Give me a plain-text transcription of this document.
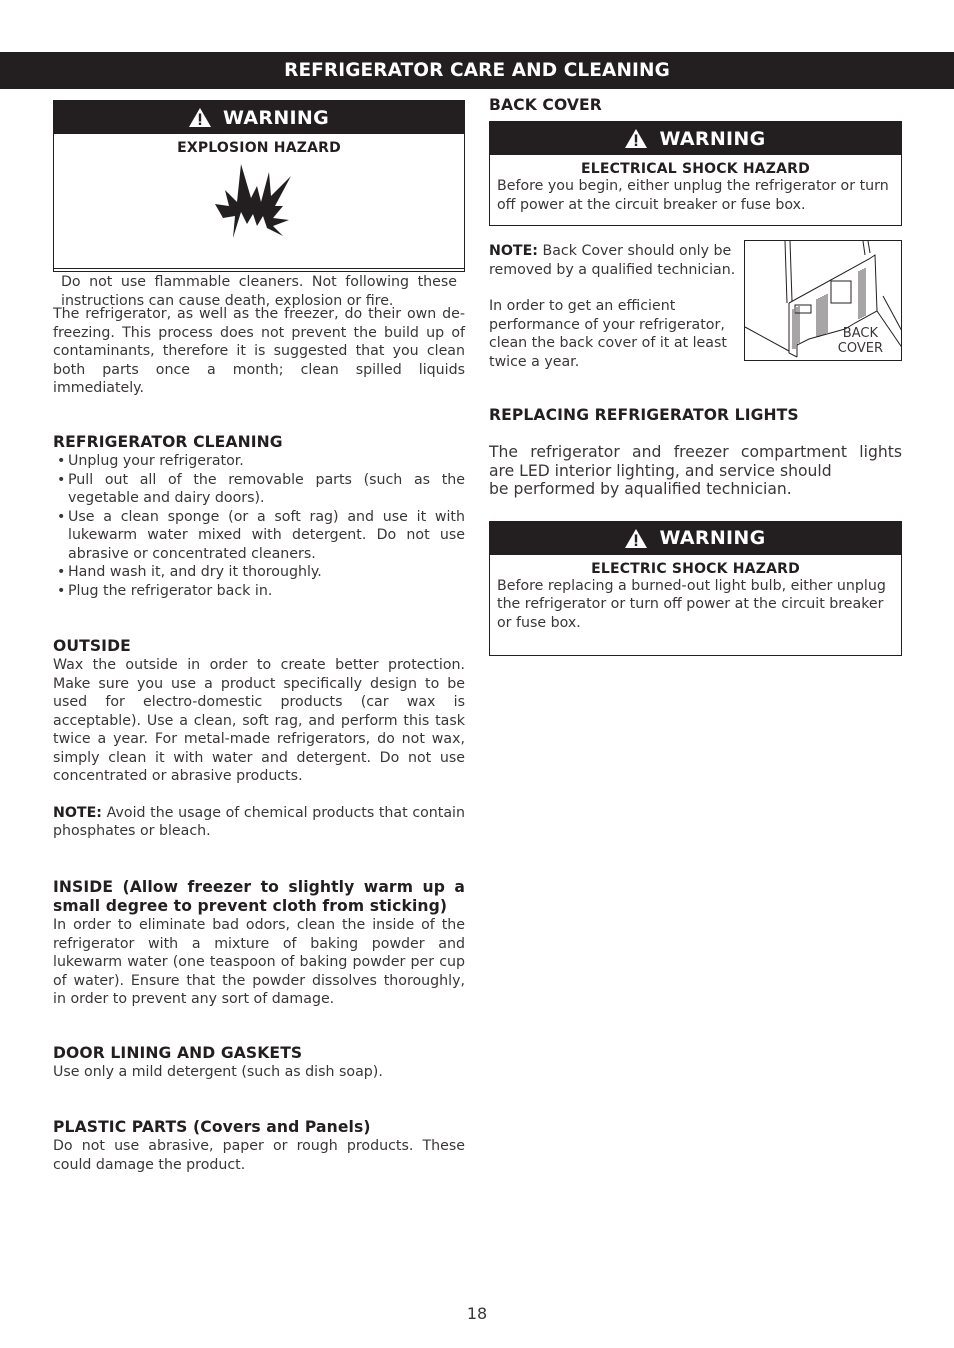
REFRIGERATOR CARE AND CLEANING
WARNING
EXPLOSION HAZARD

Do not use flammable cleaners. Not following these instructions can cause death, explosion or fire.

The refrigerator, as well as the freezer, do their own de-freezing. This process does not prevent the build up of contaminants, therefore it is suggested that you clean both parts once a month; clean spilled liquids immediately.

REFRIGERATOR CLEANING
• Unplug your refrigerator.
• Pull out all of the removable parts (such as the vegetable and dairy doors).
• Use a clean sponge (or a soft rag) and use it with lukewarm water mixed with detergent. Do not use abrasive or concentrated cleaners.
• Hand wash it, and dry it thoroughly.
• Plug the refrigerator back in.
OUTSIDE

Wax the outside in order to create better protection. Make sure you use a product specifically design to be used for electro-domestic products (car wax is acceptable). Use a clean, soft rag, and perform this task twice a year. For metal-made refrigerators, do not wax, simply clean it with water and detergent. Do not use concentrated or abrasive products.

NOTE: Avoid the usage of chemical products that contain phosphates or bleach.

INSIDE (Allow freezer to slightly warm up a small degree to prevent cloth from sticking)

In order to eliminate bad odors, clean the inside of the refrigerator with a mixture of baking powder and lukewarm water (one teaspoon of baking powder per cup of water). Ensure that the powder dissolves thoroughly, in order to prevent any sort of damage.

DOOR LINING AND GASKETS

Use only a mild detergent (such as dish soap).

PLASTIC PARTS (Covers and Panels)

Do not use abrasive, paper or rough products. These could damage the product.

BACK COVER
WARNING
ELECTRICAL SHOCK HAZARD

Before you begin, either unplug the refrigerator or turn off power at the circuit breaker or fuse box.

NOTE: Back Cover should only be removed by a qualified technician.

In order to get an efficient performance of your refrigerator, clean the back cover of it at least twice a year.

BACK
COVER
REPLACING REFRIGERATOR LIGHTS

The refrigerator and freezer compartment lights

are LED interior lighting, and service should

be performed by aqualified technician.

WARNING
ELECTRIC SHOCK HAZARD

Before replacing a burned-out light bulb, either unplug the refrigerator or turn off power at the circuit breaker or fuse box.

18
